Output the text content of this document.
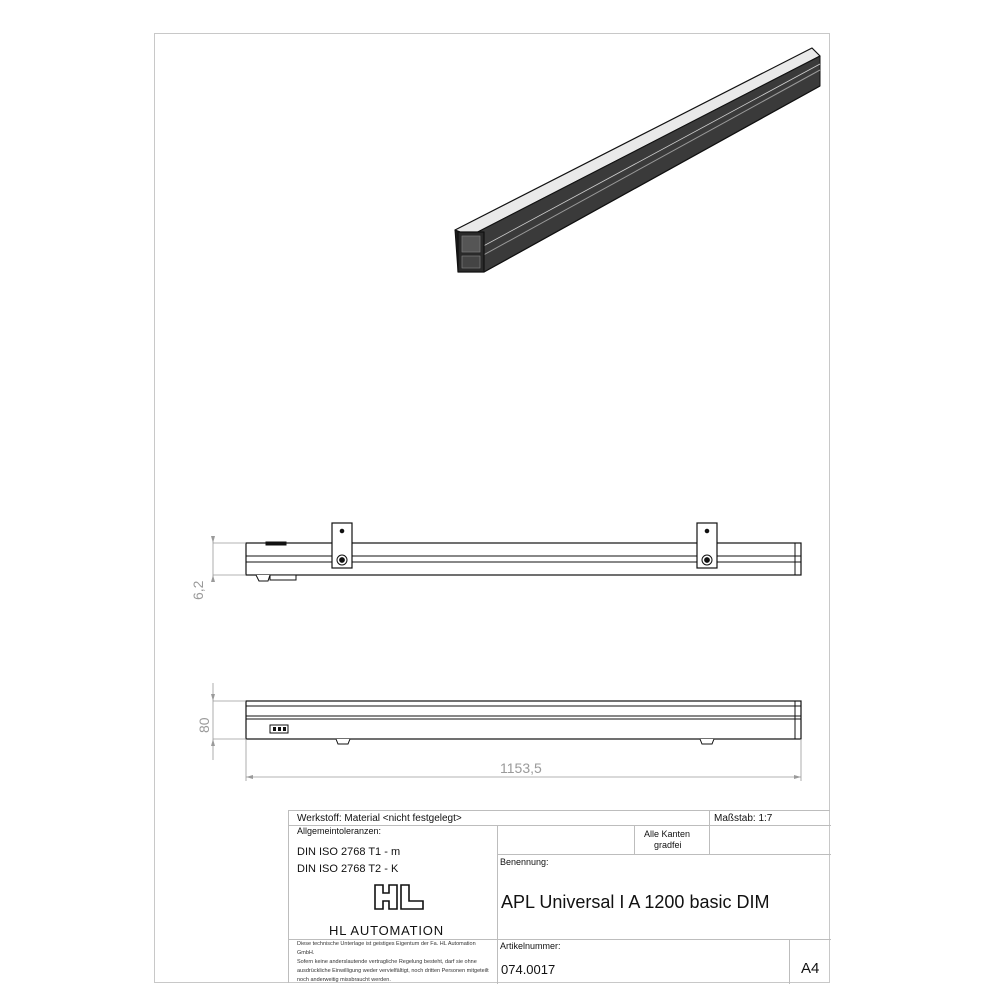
6,2
80
1153,5
Werkstoff: Material <nicht festgelegt>	Maßstab: 1:7
Allgemeintoleranzen:
DIN ISO 2768 T1 - m
DIN ISO 2768 T2 - K
Alle Kanten
gradfei
Benennung:
APL Universal I A 1200 basic DIM
HL AUTOMATION
Diese technische Unterlage ist geistiges Eigentum der Fa. HL Automation
GmbH.
Sofern keine anderslautende vertragliche Regelung besteht, darf sie ohne
ausdrückliche Einwilligung weder vervielfältigt, noch dritten Personen mitgeteilt
noch anderweitig missbraucht werden.
Artikelnummer:
074.0017	A4
